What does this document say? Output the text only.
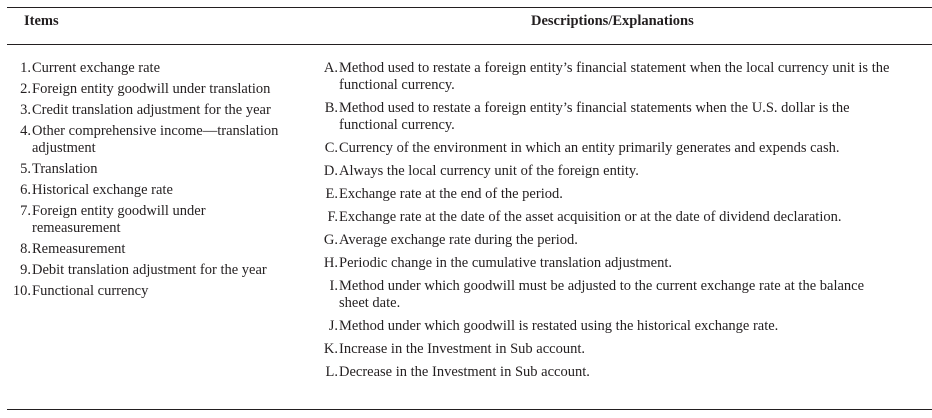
Items	Descriptions/Explanations
1. Current exchange rate
2. Foreign entity goodwill under translation
3. Credit translation adjustment for the year
4. Other comprehensive income—translation adjustment
5. Translation
6. Historical exchange rate
7. Foreign entity goodwill under remeasurement
8. Remeasurement
9. Debit translation adjustment for the year
10. Functional currency
A. Method used to restate a foreign entity’s financial statement when the local currency unit is the functional currency.
B. Method used to restate a foreign entity’s financial statements when the U.S. dollar is the functional currency.
C. Currency of the environment in which an entity primarily generates and expends cash.
D. Always the local currency unit of the foreign entity.
E. Exchange rate at the end of the period.
F. Exchange rate at the date of the asset acquisition or at the date of dividend declaration.
G. Average exchange rate during the period.
H. Periodic change in the cumulative translation adjustment.
I. Method under which goodwill must be adjusted to the current exchange rate at the balance sheet date.
J. Method under which goodwill is restated using the historical exchange rate.
K. Increase in the Investment in Sub account.
L. Decrease in the Investment in Sub account.
